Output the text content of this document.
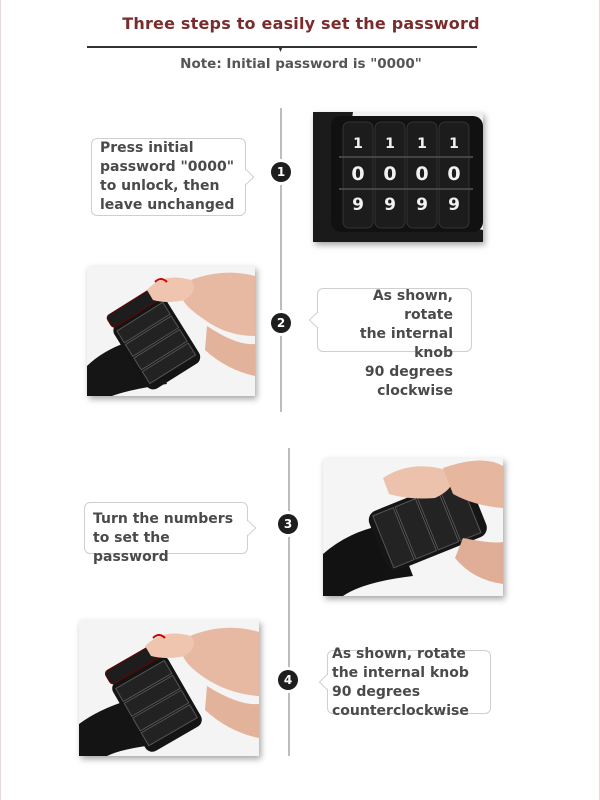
Three steps to easily set the password
Note: Initial password is "0000"
Press initial
password "0000"
to unlock, then
leave unchanged
1
1 1 1 1
0 0 0 0
9 9 9 9
2
As shown, rotate
the internal knob
90 degrees
clockwise
Turn the numbers
to set the password
3
4
As shown, rotate
the internal knob
90 degrees
counterclockwise
